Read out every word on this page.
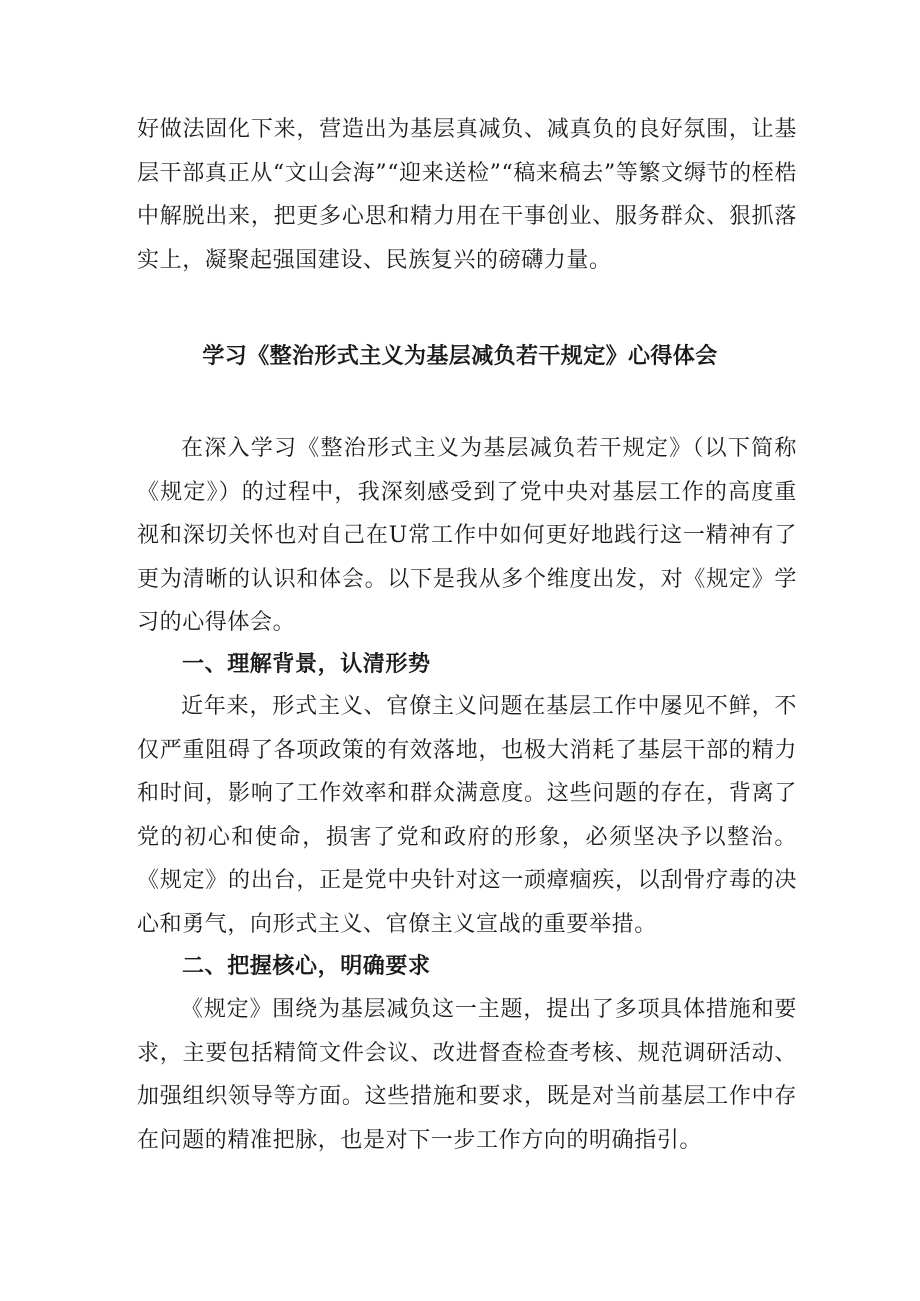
好做法固化下来，营造出为基层真减负、减真负的良好氛围，让基层干部真正从“文山会海”“迎来送检”“稿来稿去”等繁文缛节的桎梏中解脱出来，把更多心思和精力用在干事创业、服务群众、狠抓落实上，凝聚起强国建设、民族复兴的磅礴力量。

学习《整治形式主义为基层减负若干规定》心得体会

在深入学习《整治形式主义为基层减负若干规定》（以下简称《规定》）的过程中，我深刻感受到了党中央对基层工作的高度重视和深切关怀也对自己在U常工作中如何更好地践行这一精神有了更为清晰的认识和体会。以下是我从多个维度出发，对《规定》学习的心得体会。

一、理解背景，认清形势

近年来，形式主义、官僚主义问题在基层工作中屡见不鲜，不仅严重阻碍了各项政策的有效落地，也极大消耗了基层干部的精力和时间，影响了工作效率和群众满意度。这些问题的存在，背离了党的初心和使命，损害了党和政府的形象，必须坚决予以整治。《规定》的出台，正是党中央针对这一顽瘴痼疾，以刮骨疗毒的决心和勇气，向形式主义、官僚主义宣战的重要举措。

二、把握核心，明确要求

《规定》围绕为基层减负这一主题，提出了多项具体措施和要求，主要包括精简文件会议、改进督查检查考核、规范调研活动、加强组织领导等方面。这些措施和要求，既是对当前基层工作中存在问题的精准把脉，也是对下一步工作方向的明确指引。
